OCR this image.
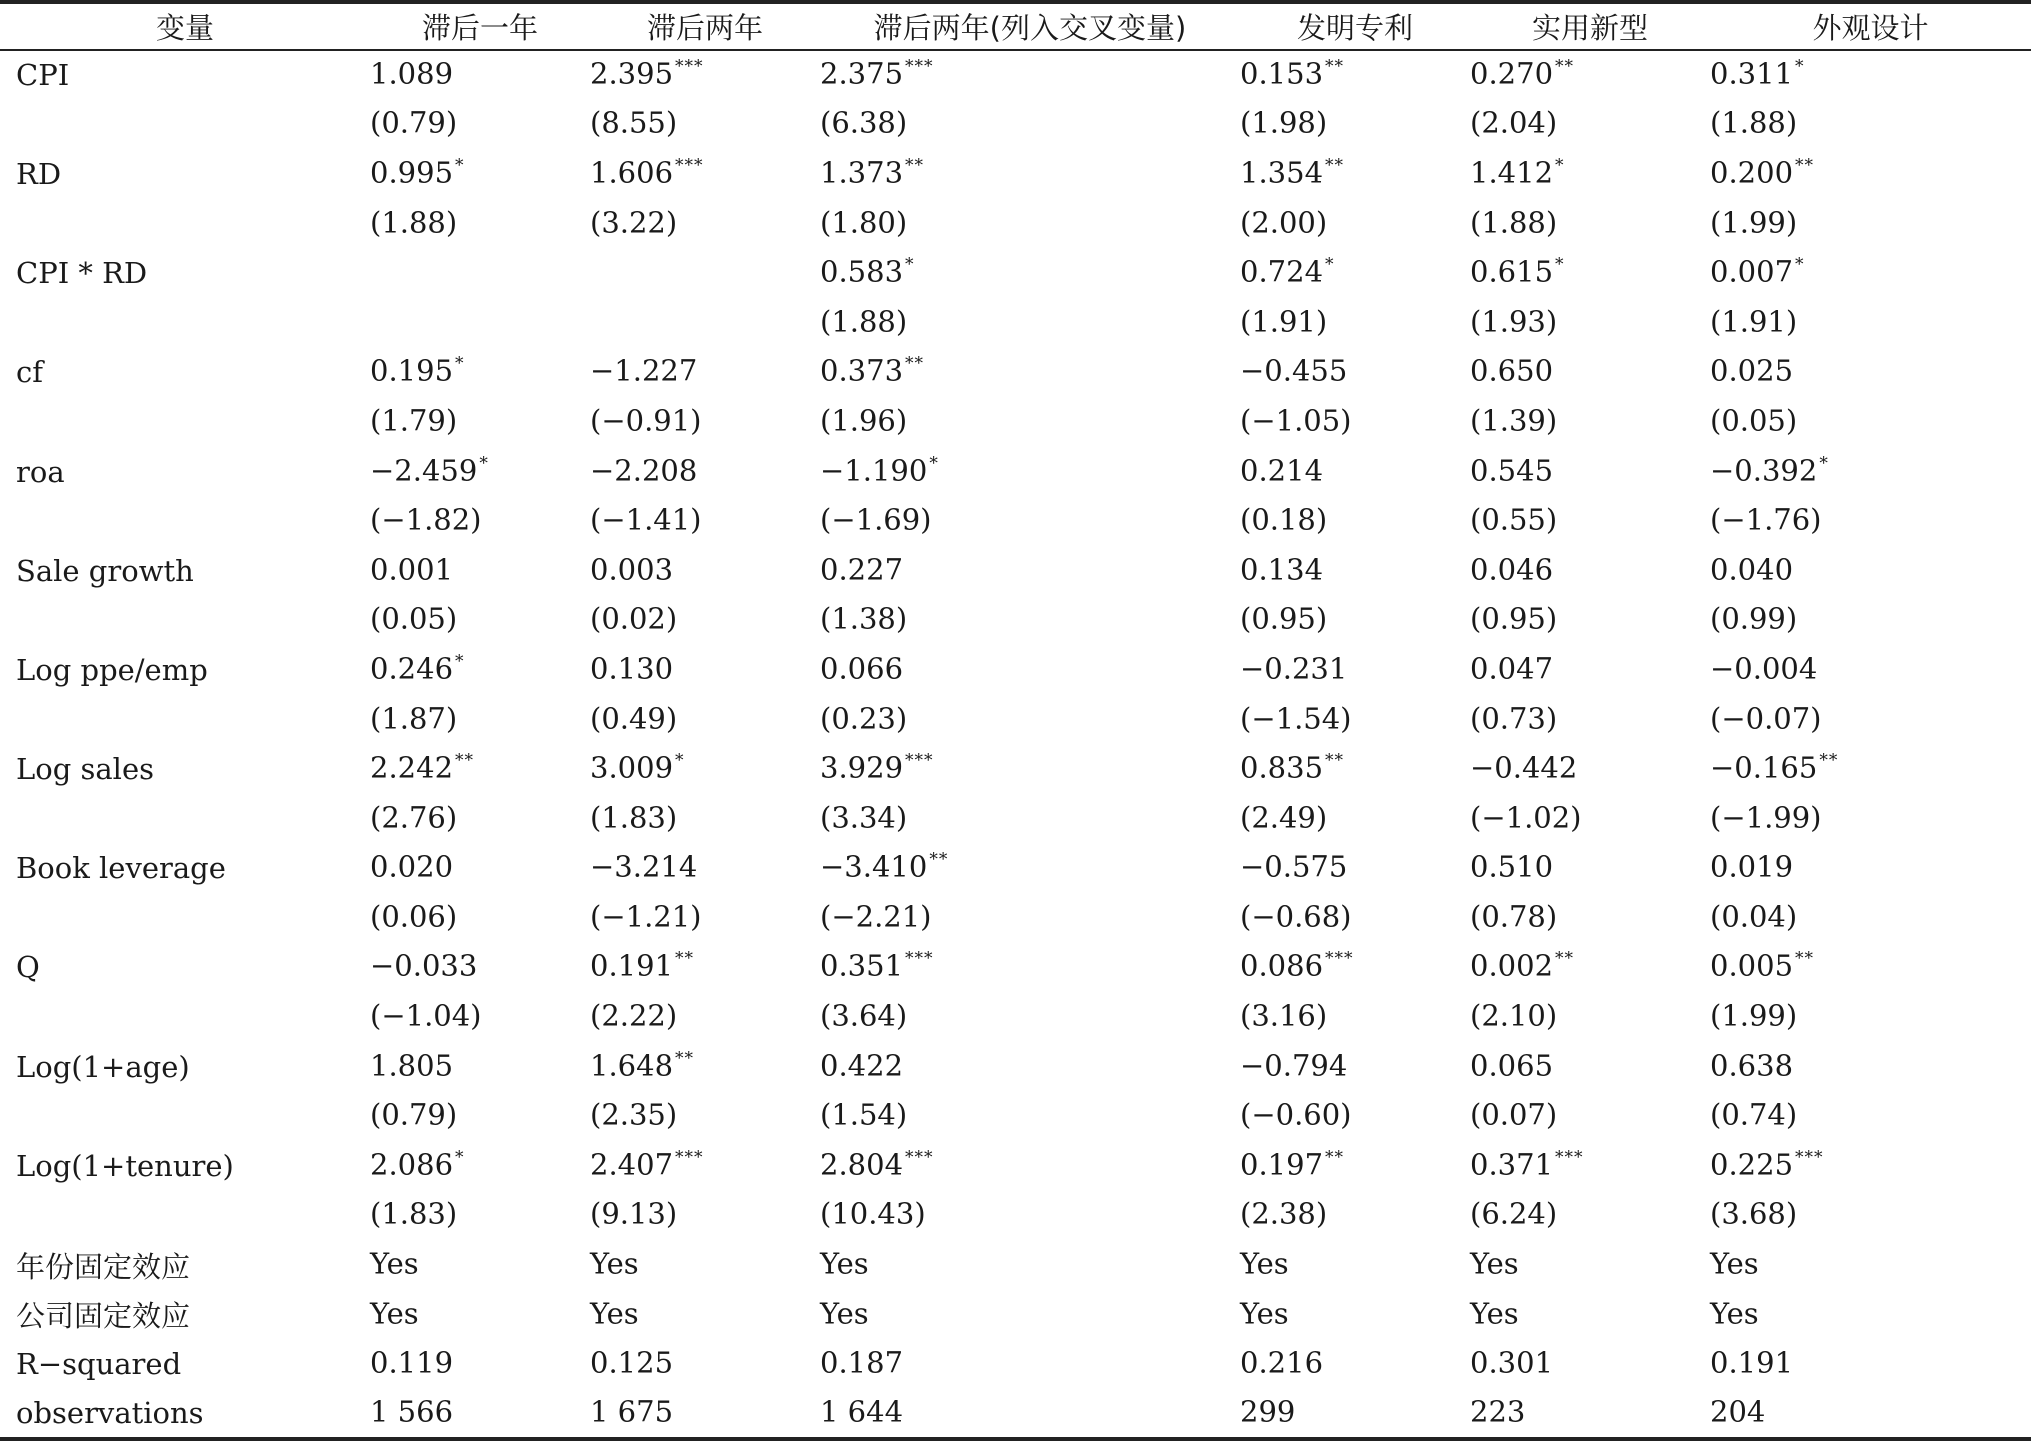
变量	滞后一年	滞后两年	滞后两年(列入交叉变量)	发明专利	实用新型	外观设计
CPI	1.089	2.395 ***	2.375 ***	0.153 **	0.270 **	0.311 *

	(0.79)	(8.55)	(6.38)	(1.98)	(2.04)	(1.88)

RD	0.995 *	1.606 ***	1.373 **	1.354 **	1.412 *	0.200 **

	(1.88)	(3.22)	(1.80)	(2.00)	(1.88)	(1.99)

CPI * RD			0.583 *	0.724 *	0.615 *	0.007 *

			(1.88)	(1.91)	(1.93)	(1.91)

cf	0.195 *	−1.227	0.373 **	−0.455	0.650	0.025

	(1.79)	(−0.91)	(1.96)	(−1.05)	(1.39)	(0.05)

roa	−2.459 *	−2.208	−1.190 *	0.214	0.545	−0.392 *

	(−1.82)	(−1.41)	(−1.69)	(0.18)	(0.55)	(−1.76)

Sale growth	0.001	0.003	0.227	0.134	0.046	0.040

	(0.05)	(0.02)	(1.38)	(0.95)	(0.95)	(0.99)

Log ppe/emp	0.246 *	0.130	0.066	−0.231	0.047	−0.004

	(1.87)	(0.49)	(0.23)	(−1.54)	(0.73)	(−0.07)

Log sales	2.242 **	3.009 *	3.929 ***	0.835 **	−0.442	−0.165 **

	(2.76)	(1.83)	(3.34)	(2.49)	(−1.02)	(−1.99)

Book leverage	0.020	−3.214	−3.410 **	−0.575	0.510	0.019

	(0.06)	(−1.21)	(−2.21)	(−0.68)	(0.78)	(0.04)

Q	−0.033	0.191 **	0.351 ***	0.086 ***	0.002 **	0.005 **

	(−1.04)	(2.22)	(3.64)	(3.16)	(2.10)	(1.99)

Log(1+age)	1.805	1.648 **	0.422	−0.794	0.065	0.638

	(0.79)	(2.35)	(1.54)	(−0.60)	(0.07)	(0.74)

Log(1+tenure)	2.086 *	2.407 ***	2.804 ***	0.197 **	0.371 ***	0.225 ***

	(1.83)	(9.13)	(10.43)	(2.38)	(6.24)	(3.68)

年份固定效应	Yes	Yes	Yes	Yes	Yes	Yes

公司固定效应	Yes	Yes	Yes	Yes	Yes	Yes

R−squared	0.119	0.125	0.187	0.216	0.301	0.191

observations	1 566	1 675	1 644	299	223	204
